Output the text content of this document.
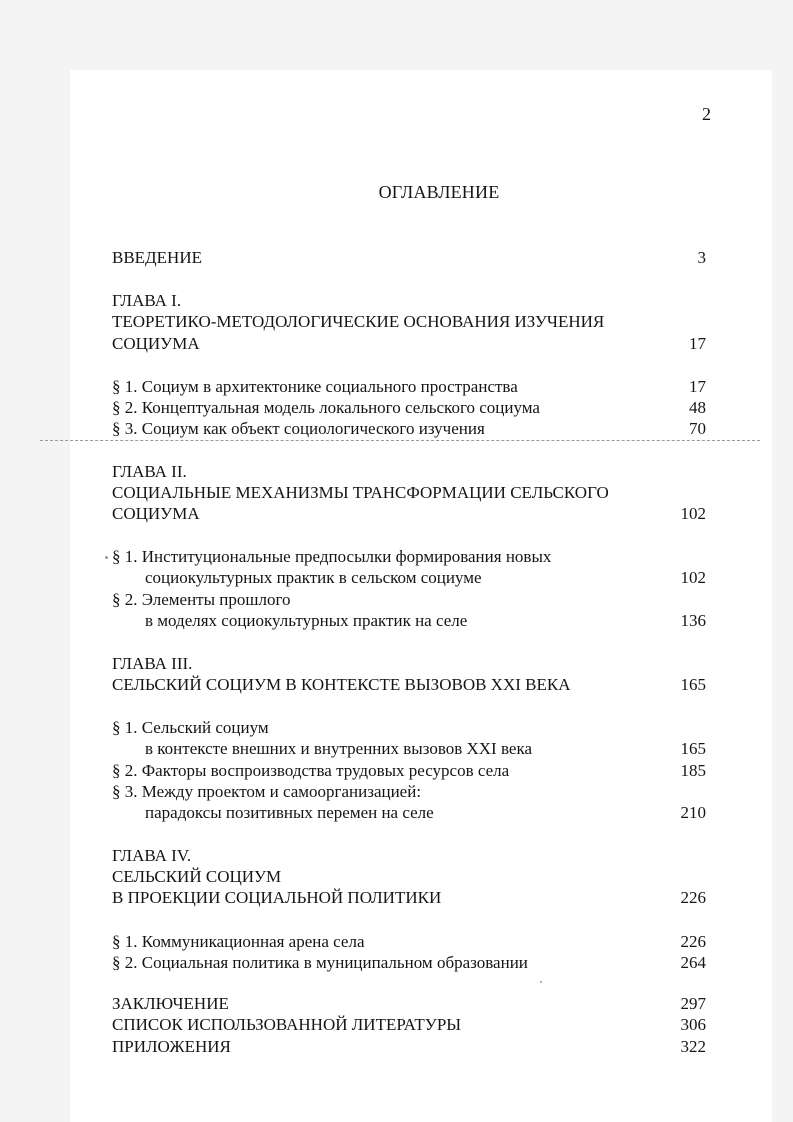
2
ОГЛАВЛЕНИЕ
ВВЕДЕНИЕ	3
ГЛАВА I.
ТЕОРЕТИКО-МЕТОДОЛОГИЧЕСКИЕ ОСНОВАНИЯ ИЗУЧЕНИЯ
СОЦИУМА	17
§ 1. Социум в архитектонике социального пространства	17
§ 2. Концептуальная модель локального сельского социума	48
§ 3. Социум как объект социологического изучения	70
ГЛАВА II.
СОЦИАЛЬНЫЕ МЕХАНИЗМЫ ТРАНСФОРМАЦИИ СЕЛЬСКОГО
СОЦИУМА	102
§ 1. Институциональные предпосылки формирования новых
социокультурных практик в сельском социуме	102
§ 2. Элементы прошлого
в моделях социокультурных практик на селе	136
ГЛАВА III.
СЕЛЬСКИЙ СОЦИУМ В КОНТЕКСТЕ ВЫЗОВОВ XXI ВЕКА	165
§ 1. Сельский социум
в контексте внешних и внутренних вызовов XXI века	165
§ 2. Факторы воспроизводства трудовых ресурсов села	185
§ 3. Между проектом и самоорганизацией:
парадоксы позитивных перемен на селе	210
ГЛАВА IV.
СЕЛЬСКИЙ СОЦИУМ
В ПРОЕКЦИИ СОЦИАЛЬНОЙ ПОЛИТИКИ	226
§ 1. Коммуникационная арена села	226
§ 2. Социальная политика в муниципальном образовании	264
ЗАКЛЮЧЕНИЕ	297
СПИСОК ИСПОЛЬЗОВАННОЙ ЛИТЕРАТУРЫ	306
ПРИЛОЖЕНИЯ	322
